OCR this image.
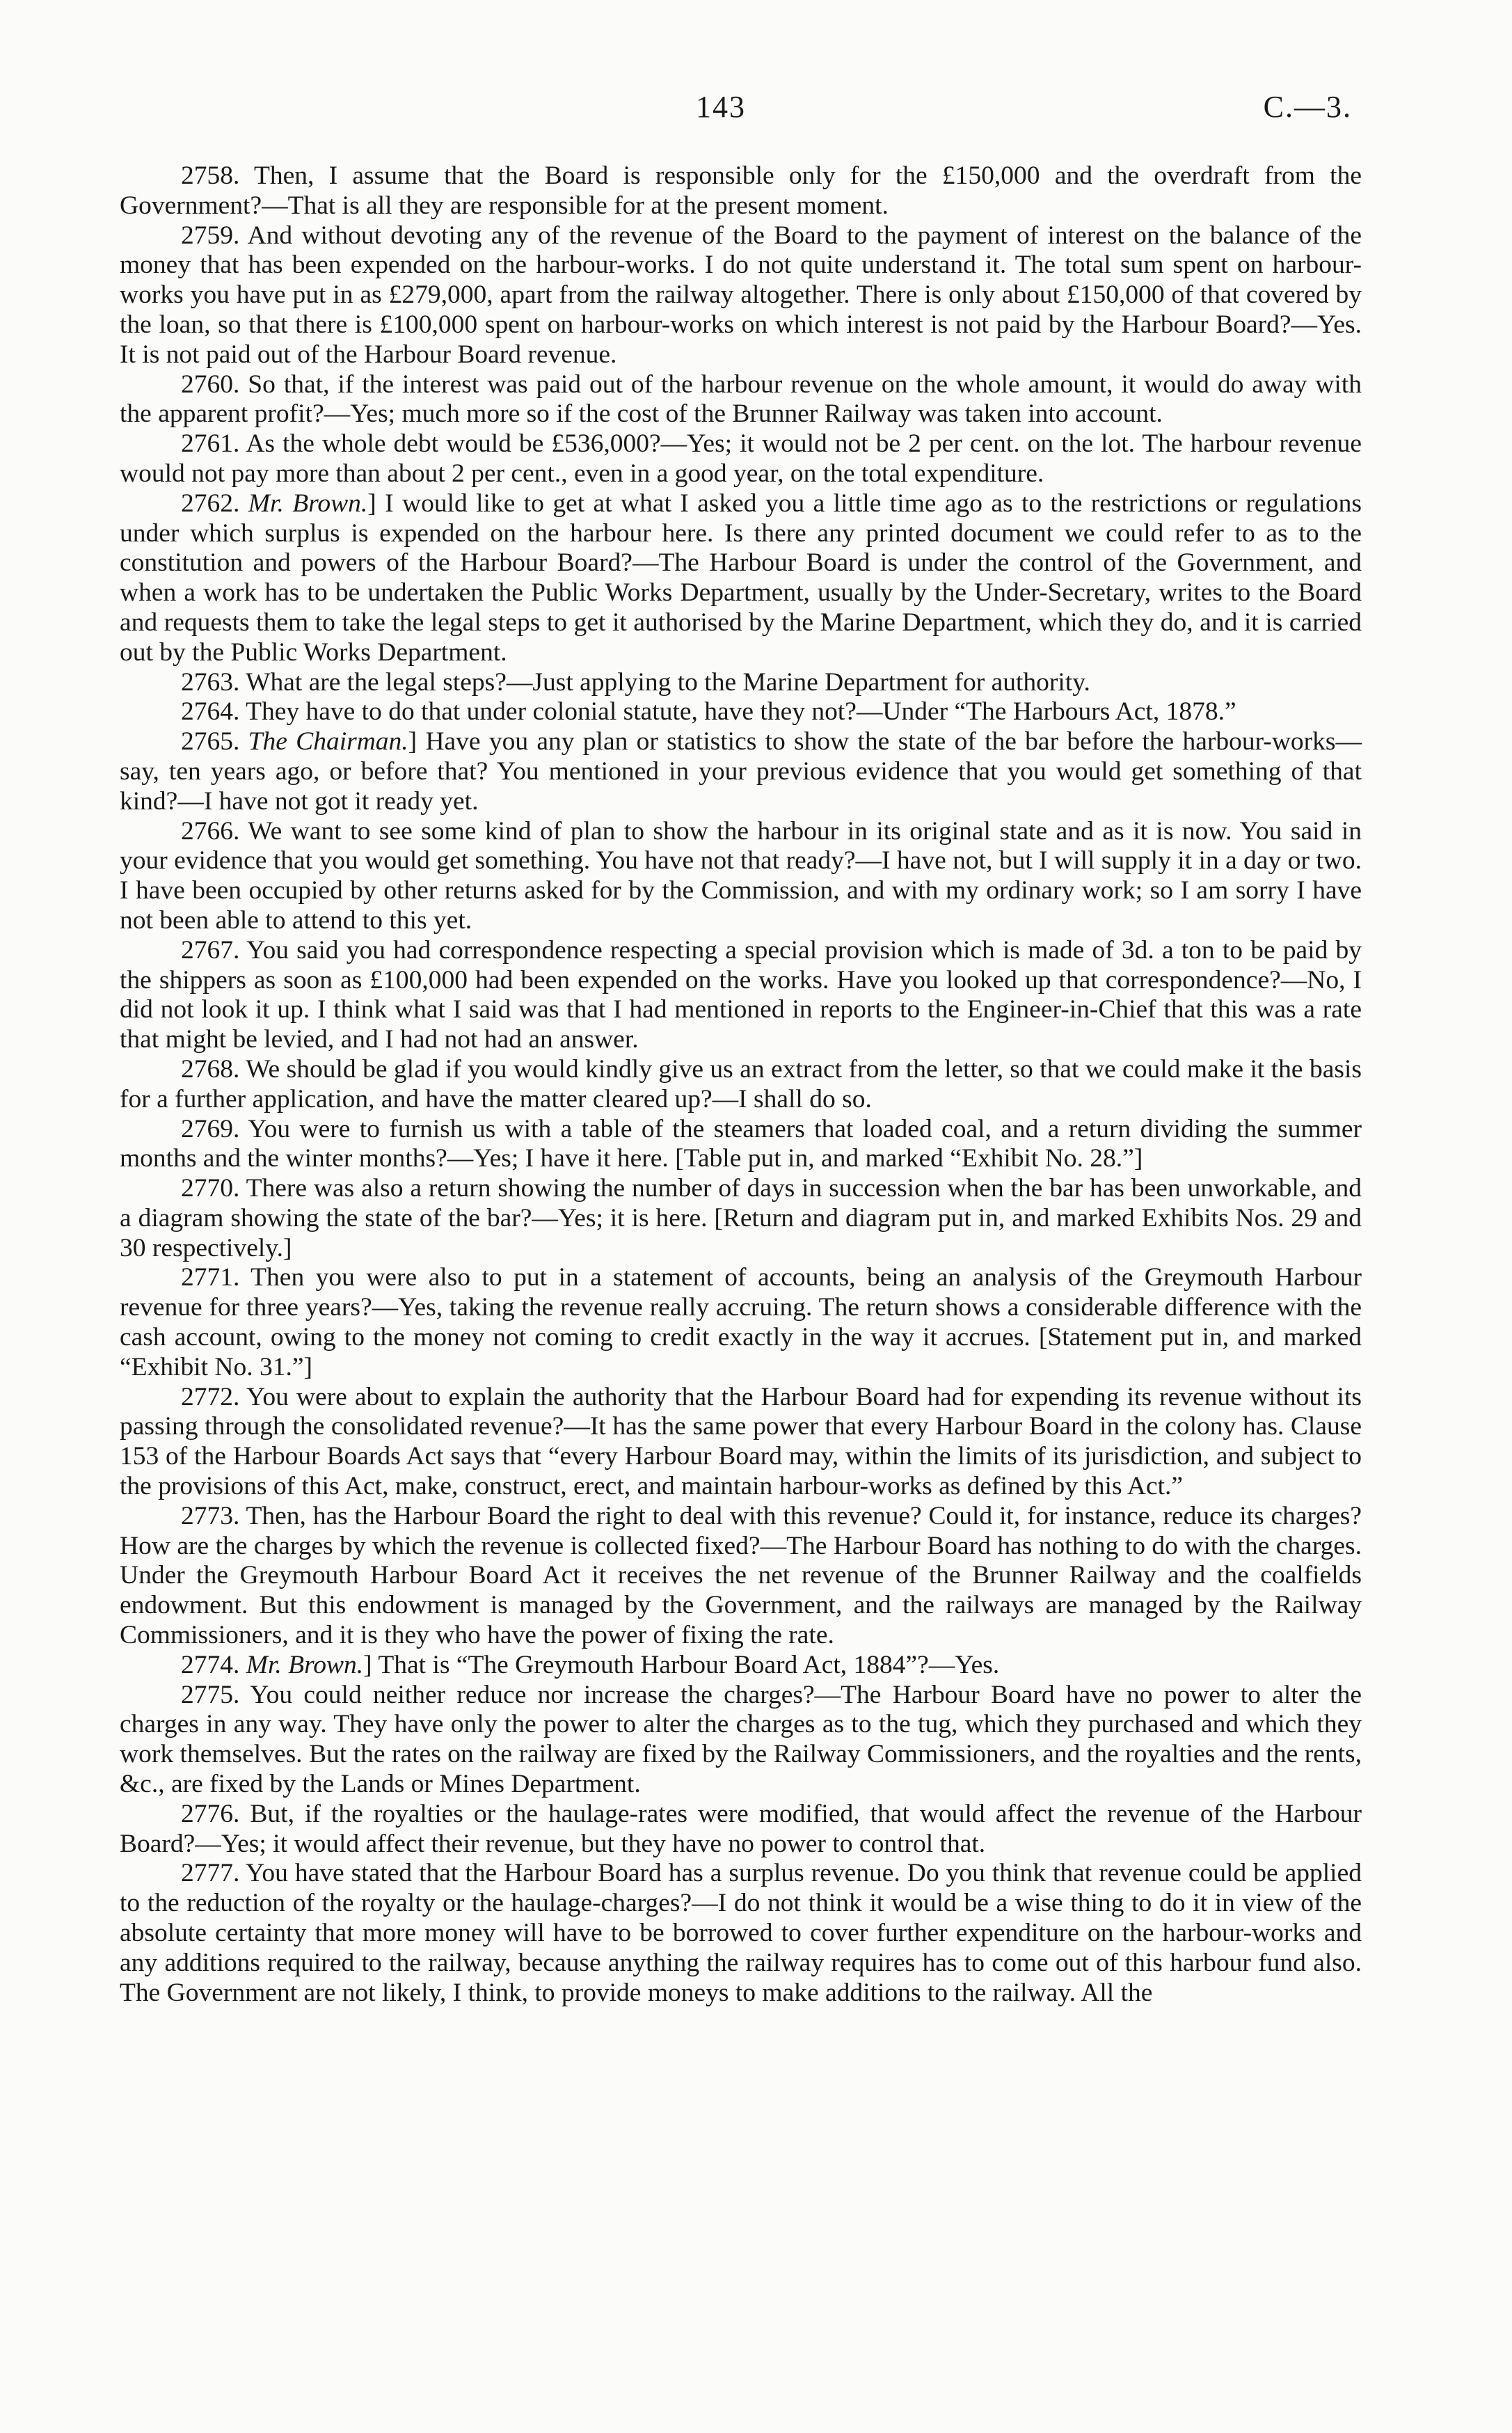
143	C.—3.

2758. Then, I assume that the Board is responsible only for the £150,000 and the overdraft from the Government?—That is all they are responsible for at the present moment.

2759. And without devoting any of the revenue of the Board to the payment of interest on the balance of the money that has been expended on the harbour-works. I do not quite understand it. The total sum spent on harbour-works you have put in as £279,000, apart from the railway altogether. There is only about £150,000 of that covered by the loan, so that there is £100,000 spent on harbour-works on which interest is not paid by the Harbour Board?—Yes. It is not paid out of the Harbour Board revenue.

2760. So that, if the interest was paid out of the harbour revenue on the whole amount, it would do away with the apparent profit?—Yes; much more so if the cost of the Brunner Railway was taken into account.

2761. As the whole debt would be £536,000?—Yes; it would not be 2 per cent. on the lot. The harbour revenue would not pay more than about 2 per cent., even in a good year, on the total expenditure.

2762. Mr. Brown.] I would like to get at what I asked you a little time ago as to the restrictions or regulations under which surplus is expended on the harbour here. Is there any printed document we could refer to as to the constitution and powers of the Harbour Board?—The Harbour Board is under the control of the Government, and when a work has to be undertaken the Public Works Department, usually by the Under-Secretary, writes to the Board and requests them to take the legal steps to get it authorised by the Marine Department, which they do, and it is carried out by the Public Works Department.

2763. What are the legal steps?—Just applying to the Marine Department for authority.

2764. They have to do that under colonial statute, have they not?—Under “The Harbours Act, 1878.”

2765. The Chairman.] Have you any plan or statistics to show the state of the bar before the harbour-works—say, ten years ago, or before that? You mentioned in your previous evidence that you would get something of that kind?—I have not got it ready yet.

2766. We want to see some kind of plan to show the harbour in its original state and as it is now. You said in your evidence that you would get something. You have not that ready?—I have not, but I will supply it in a day or two. I have been occupied by other returns asked for by the Commission, and with my ordinary work; so I am sorry I have not been able to attend to this yet.

2767. You said you had correspondence respecting a special provision which is made of 3d. a ton to be paid by the shippers as soon as £100,000 had been expended on the works. Have you looked up that correspondence?—No, I did not look it up. I think what I said was that I had mentioned in reports to the Engineer-in-Chief that this was a rate that might be levied, and I had not had an answer.

2768. We should be glad if you would kindly give us an extract from the letter, so that we could make it the basis for a further application, and have the matter cleared up?—I shall do so.

2769. You were to furnish us with a table of the steamers that loaded coal, and a return dividing the summer months and the winter months?—Yes; I have it here. [Table put in, and marked “Exhibit No. 28.”]

2770. There was also a return showing the number of days in succession when the bar has been unworkable, and a diagram showing the state of the bar?—Yes; it is here. [Return and diagram put in, and marked Exhibits Nos. 29 and 30 respectively.]

2771. Then you were also to put in a statement of accounts, being an analysis of the Greymouth Harbour revenue for three years?—Yes, taking the revenue really accruing. The return shows a considerable difference with the cash account, owing to the money not coming to credit exactly in the way it accrues. [Statement put in, and marked “Exhibit No. 31.”]

2772. You were about to explain the authority that the Harbour Board had for expending its revenue without its passing through the consolidated revenue?—It has the same power that every Harbour Board in the colony has. Clause 153 of the Harbour Boards Act says that “every Harbour Board may, within the limits of its jurisdiction, and subject to the provisions of this Act, make, construct, erect, and maintain harbour-works as defined by this Act.”

2773. Then, has the Harbour Board the right to deal with this revenue? Could it, for instance, reduce its charges? How are the charges by which the revenue is collected fixed?—The Harbour Board has nothing to do with the charges. Under the Greymouth Harbour Board Act it receives the net revenue of the Brunner Railway and the coalfields endowment. But this endowment is managed by the Government, and the railways are managed by the Railway Commissioners, and it is they who have the power of fixing the rate.

2774. Mr. Brown.] That is “The Greymouth Harbour Board Act, 1884”?—Yes.

2775. You could neither reduce nor increase the charges?—The Harbour Board have no power to alter the charges in any way. They have only the power to alter the charges as to the tug, which they purchased and which they work themselves. But the rates on the railway are fixed by the Railway Commissioners, and the royalties and the rents, &c., are fixed by the Lands or Mines Department.

2776. But, if the royalties or the haulage-rates were modified, that would affect the revenue of the Harbour Board?—Yes; it would affect their revenue, but they have no power to control that.

2777. You have stated that the Harbour Board has a surplus revenue. Do you think that revenue could be applied to the reduction of the royalty or the haulage-charges?—I do not think it would be a wise thing to do it in view of the absolute certainty that more money will have to be borrowed to cover further expenditure on the harbour-works and any additions required to the railway, because anything the railway requires has to come out of this harbour fund also. The Government are not likely, I think, to provide moneys to make additions to the railway. All the
